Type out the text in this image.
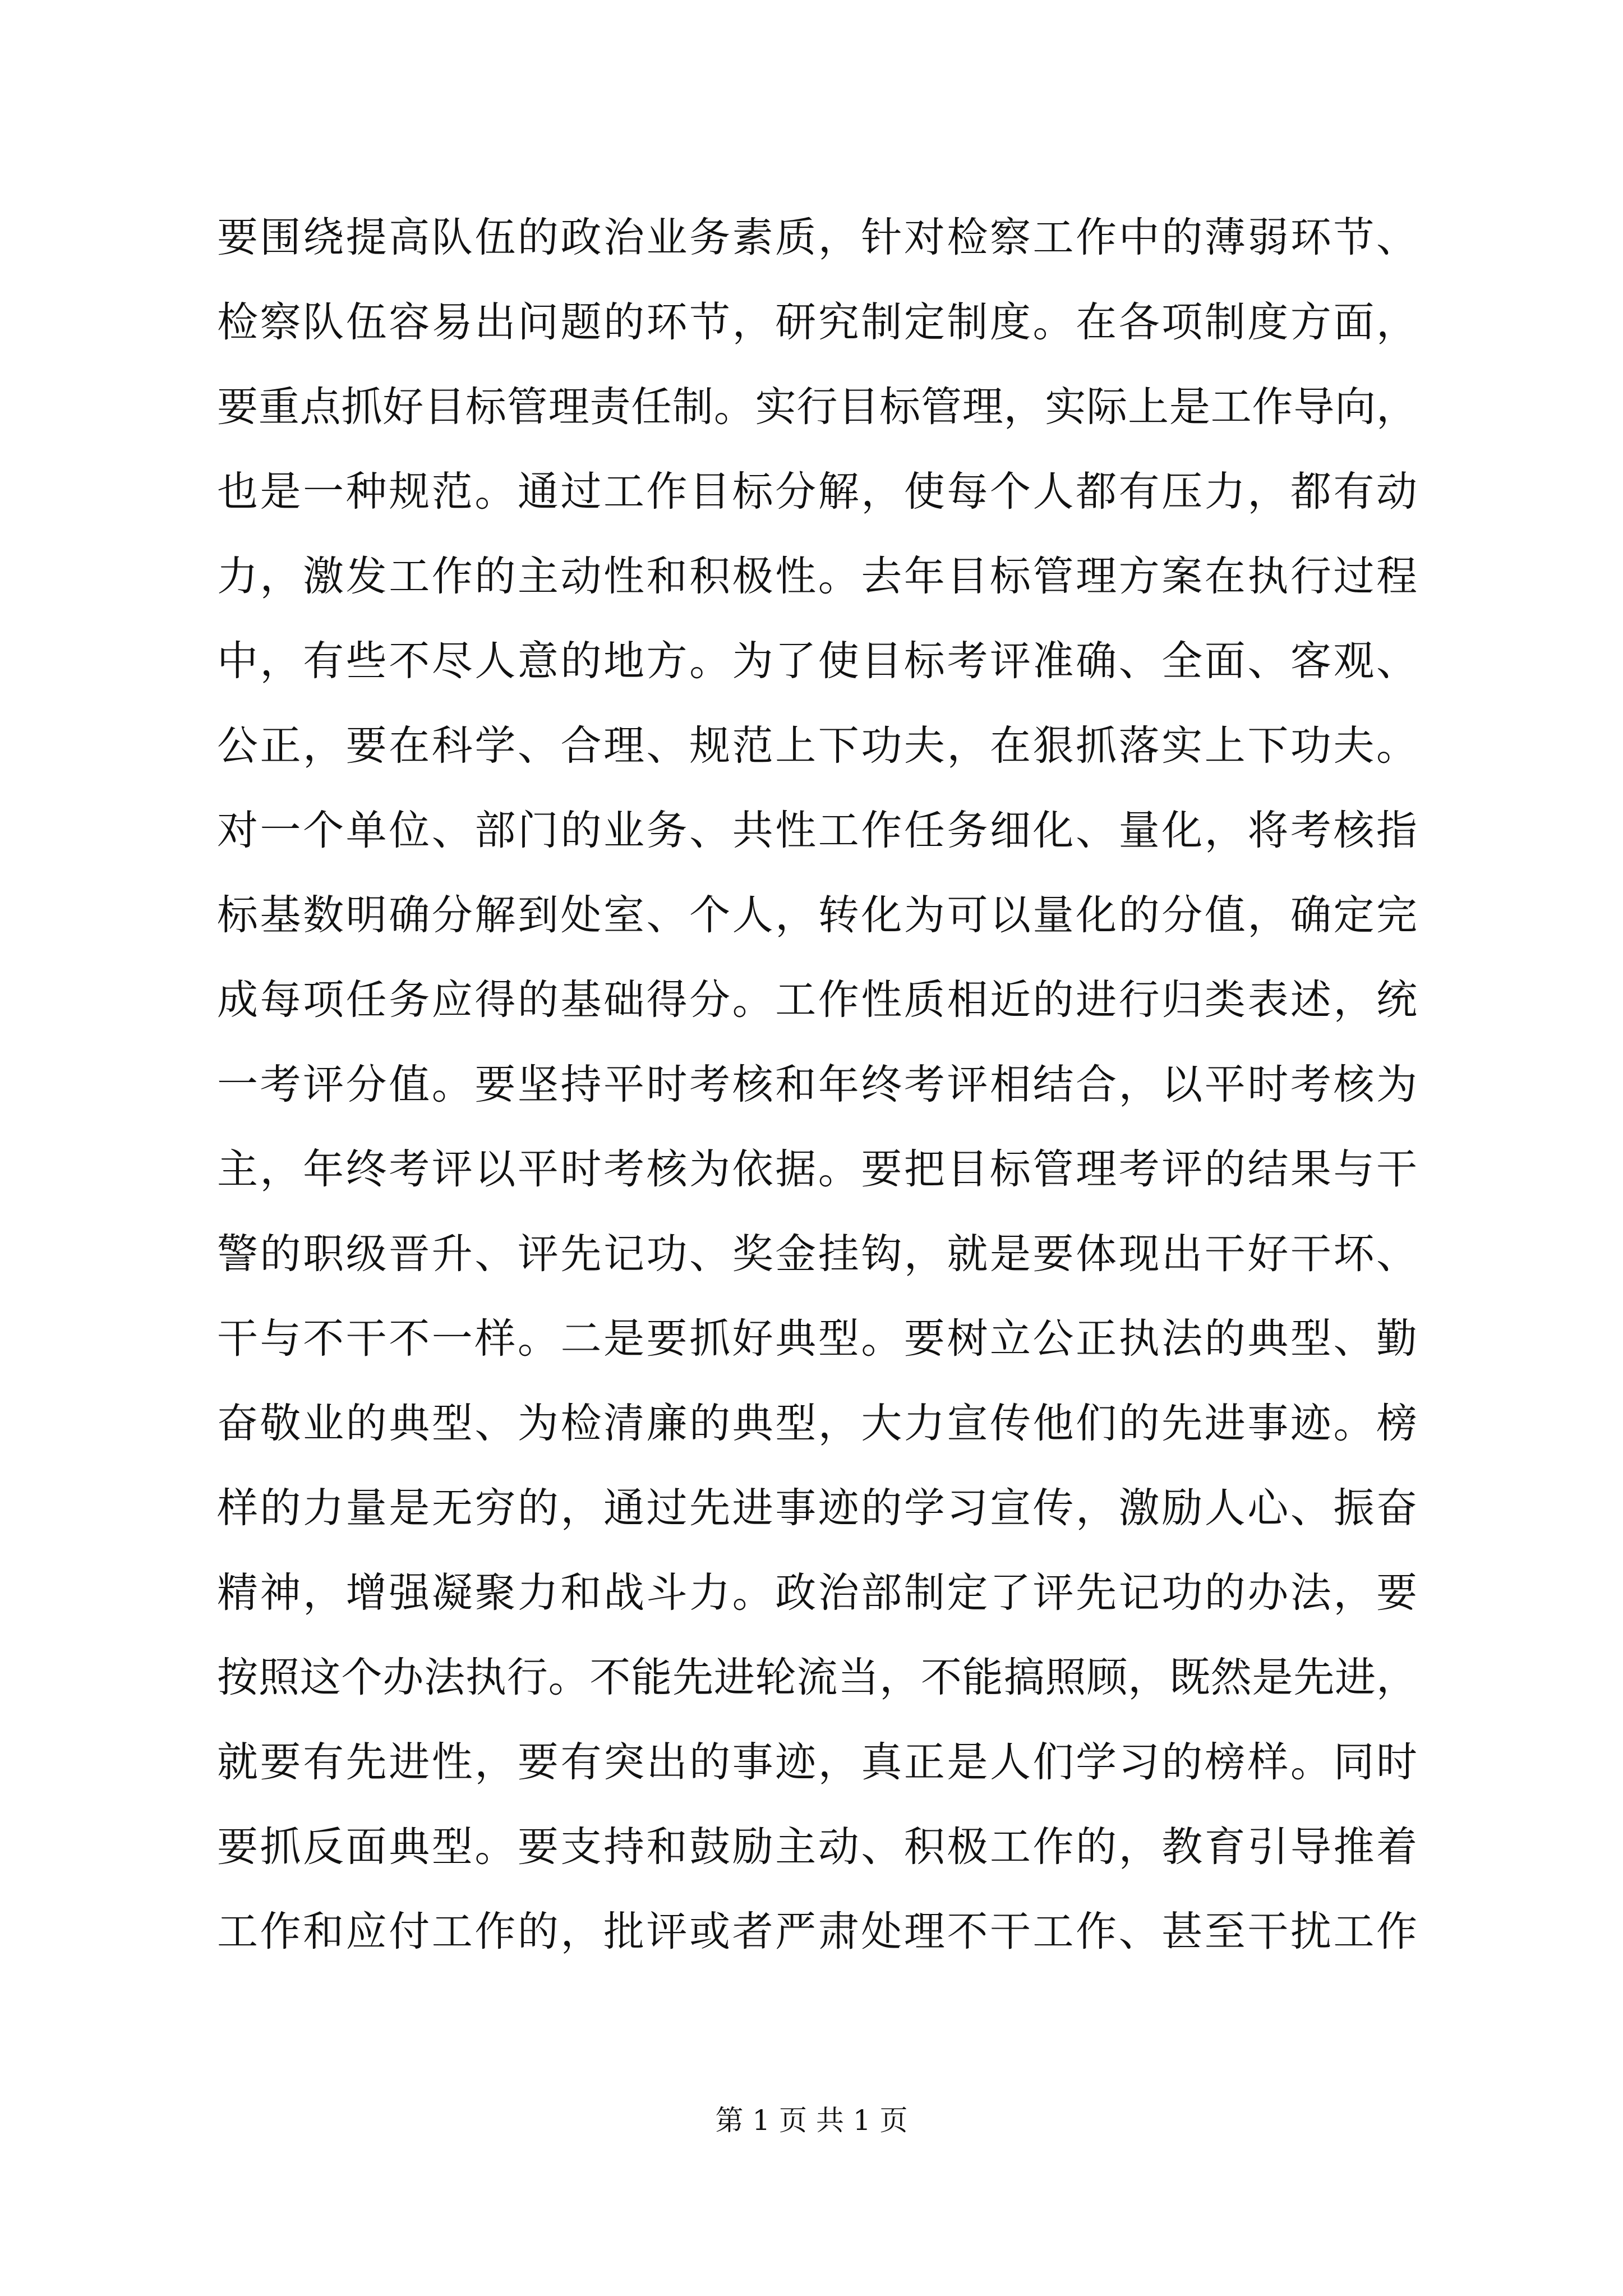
要围绕提高队伍的政治业务素质，针对检察工作中的薄弱环节、
检察队伍容易出问题的环节，研究制定制度。在各项制度方面，
要重点抓好目标管理责任制。实行目标管理，实际上是工作导向，
也是一种规范。通过工作目标分解，使每个人都有压力，都有动
力，激发工作的主动性和积极性。去年目标管理方案在执行过程
中，有些不尽人意的地方。为了使目标考评准确、全面、客观、
公正，要在科学、合理、规范上下功夫，在狠抓落实上下功夫。
对一个单位、部门的业务、共性工作任务细化、量化，将考核指
标基数明确分解到处室、个人，转化为可以量化的分值，确定完
成每项任务应得的基础得分。工作性质相近的进行归类表述，统
一考评分值。要坚持平时考核和年终考评相结合，以平时考核为
主，年终考评以平时考核为依据。要把目标管理考评的结果与干
警的职级晋升、评先记功、奖金挂钩，就是要体现出干好干坏、
干与不干不一样。二是要抓好典型。要树立公正执法的典型、勤
奋敬业的典型、为检清廉的典型，大力宣传他们的先进事迹。榜
样的力量是无穷的，通过先进事迹的学习宣传，激励人心、振奋
精神，增强凝聚力和战斗力。政治部制定了评先记功的办法，要
按照这个办法执行。不能先进轮流当，不能搞照顾，既然是先进，
就要有先进性，要有突出的事迹，真正是人们学习的榜样。同时
要抓反面典型。要支持和鼓励主动、积极工作的，教育引导推着
工作和应付工作的，批评或者严肃处理不干工作、甚至干扰工作
第 1 页 共 1 页
